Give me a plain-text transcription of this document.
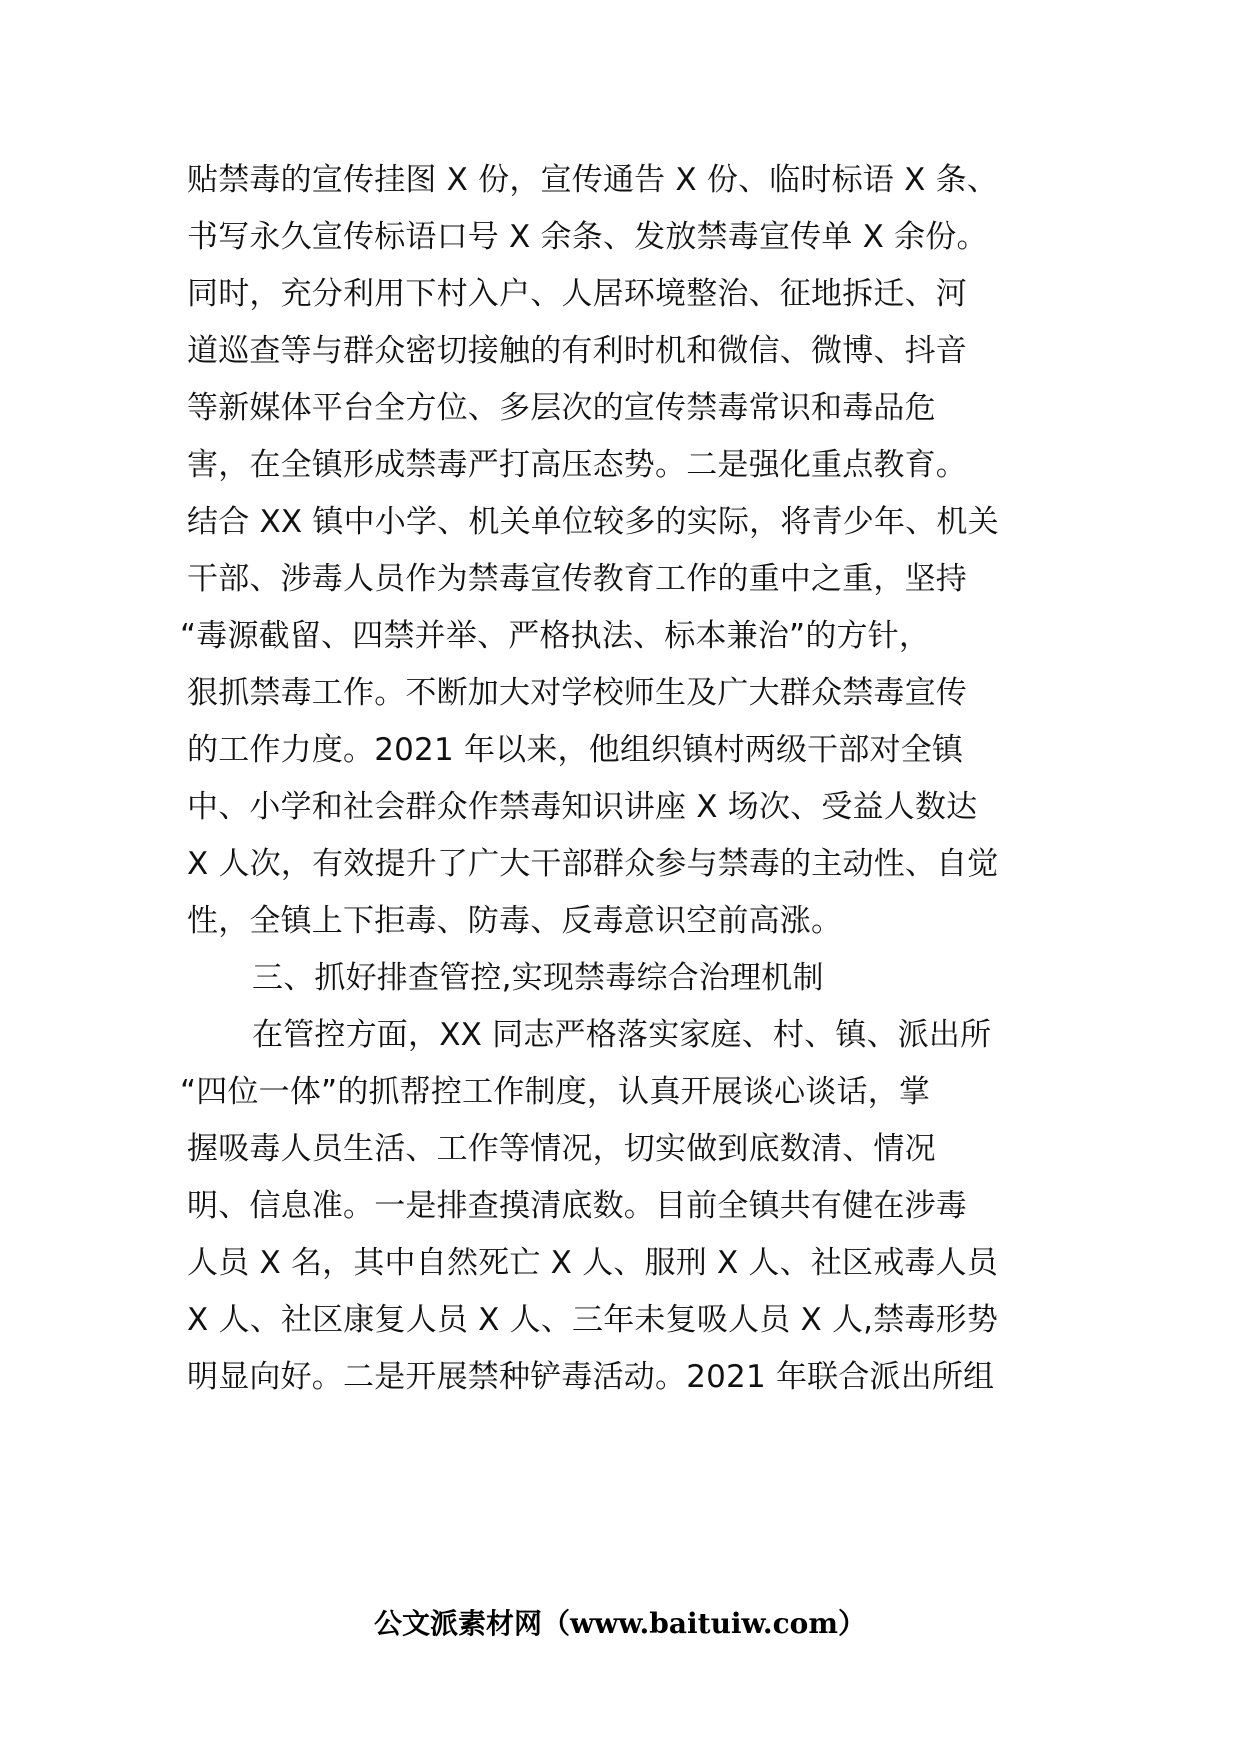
贴禁毒的宣传挂图 X 份，宣传通告 X 份、临时标语 X 条、
书写永久宣传标语口号 X 余条、发放禁毒宣传单 X 余份。
同时，充分利用下村入户、人居环境整治、征地拆迁、河
道巡查等与群众密切接触的有利时机和微信、微博、抖音
等新媒体平台全方位、多层次的宣传禁毒常识和毒品危
害，在全镇形成禁毒严打高压态势。二是强化重点教育。
结合 XX 镇中小学、机关单位较多的实际，将青少年、机关
干部、涉毒人员作为禁毒宣传教育工作的重中之重，坚持
“毒源截留、四禁并举、严格执法、标本兼治”的方针，
狠抓禁毒工作。不断加大对学校师生及广大群众禁毒宣传
的工作力度。2021 年以来，他组织镇村两级干部对全镇
中、小学和社会群众作禁毒知识讲座 X 场次、受益人数达
X 人次，有效提升了广大干部群众参与禁毒的主动性、自觉
性，全镇上下拒毒、防毒、反毒意识空前高涨。
三、抓好排查管控,实现禁毒综合治理机制
在管控方面，XX 同志严格落实家庭、村、镇、派出所
“四位一体”的抓帮控工作制度，认真开展谈心谈话，掌
握吸毒人员生活、工作等情况，切实做到底数清、情况
明、信息准。一是排查摸清底数。目前全镇共有健在涉毒
人员 X 名，其中自然死亡 X 人、服刑 X 人、社区戒毒人员
X 人、社区康复人员 X 人、三年未复吸人员 X 人,禁毒形势
明显向好。二是开展禁种铲毒活动。2021 年联合派出所组
公文派素材网（www.baituiw.com）
